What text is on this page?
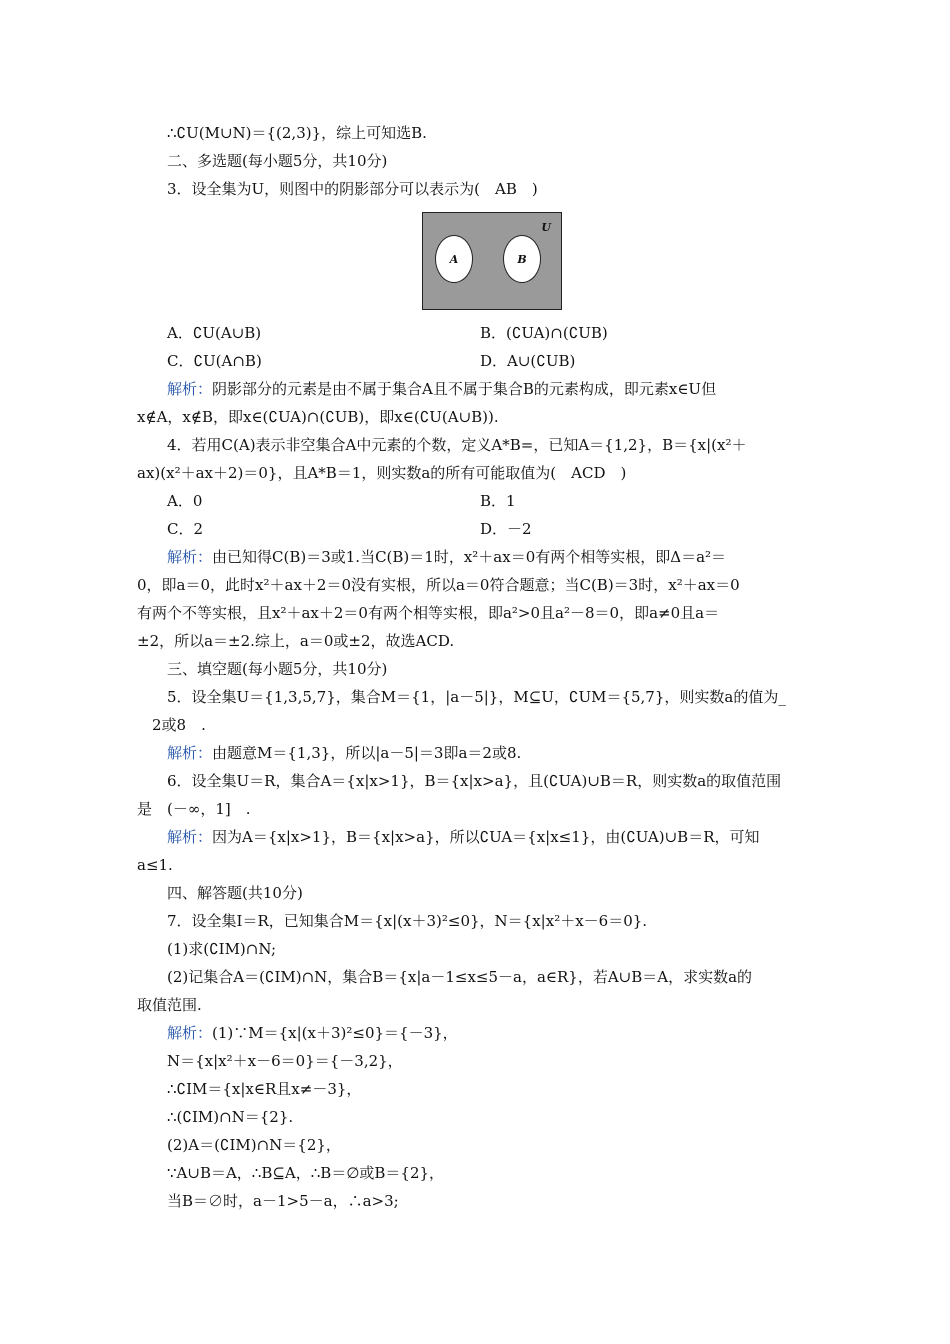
∴∁U(M∪N)＝{(2,3)}，综上可知选B.
二、多选题(每小题5分，共10分)
3．设全集为U，则图中的阴影部分可以表示为(　AB　)
A．∁U(A∪B)	B．(∁UA)∩(∁UB)
C．∁U(A∩B)	D．A∪(∁UB)
解析：阴影部分的元素是由不属于集合A且不属于集合B的元素构成，即元素x∈U但
x∉A，x∉B，即x∈(∁UA)∩(∁UB)，即x∈(∁U(A∪B)).
4．若用C(A)表示非空集合A中元素的个数，定义A*B=，已知A＝{1,2}，B＝{x|(x²＋
ax)(x²＋ax＋2)＝0}，且A*B＝1，则实数a的所有可能取值为(　ACD　)
A．0	B．1
C．2	D．－2
解析：由已知得C(B)＝3或1.当C(B)＝1时，x²＋ax＝0有两个相等实根，即Δ＝a²＝
0，即a＝0，此时x²＋ax＋2＝0没有实根，所以a＝0符合题意；当C(B)＝3时，x²＋ax＝0
有两个不等实根，且x²＋ax＋2＝0有两个相等实根，即a²>0且a²－8＝0，即a≠0且a＝
±2，所以a＝±2.综上，a＝0或±2，故选ACD.
三、填空题(每小题5分，共10分)
5．设全集U＝{1,3,5,7}，集合M＝{1，|a－5|}，M⊆U，∁UM＝{5,7}，则实数a的值为_
　2或8　.
解析：由题意M＝{1,3}，所以|a－5|＝3即a＝2或8.
6．设全集U＝R，集合A＝{x|x>1}，B＝{x|x>a}，且(∁UA)∪B＝R，则实数a的取值范围
是　(－∞，1]　.
解析：因为A＝{x|x>1}，B＝{x|x>a}，所以∁UA＝{x|x≤1}，由(∁UA)∪B＝R，可知
a≤1.
四、解答题(共10分)
7．设全集I＝R，已知集合M＝{x|(x＋3)²≤0}，N＝{x|x²＋x－6＝0}.
(1)求(∁IM)∩N;
(2)记集合A＝(∁IM)∩N，集合B＝{x|a－1≤x≤5－a，a∈R}，若A∪B＝A，求实数a的
取值范围.
解析：(1)∵M＝{x|(x＋3)²≤0}＝{－3}，
N＝{x|x²＋x－6＝0}＝{－3,2}，
∴∁IM＝{x|x∈R且x≠－3}，
∴(∁IM)∩N＝{2}.
(2)A＝(∁IM)∩N＝{2}，
∵A∪B＝A，∴B⊆A，∴B＝∅或B＝{2}，
当B＝∅时，a－1>5－a，∴a>3;
U
A	B
